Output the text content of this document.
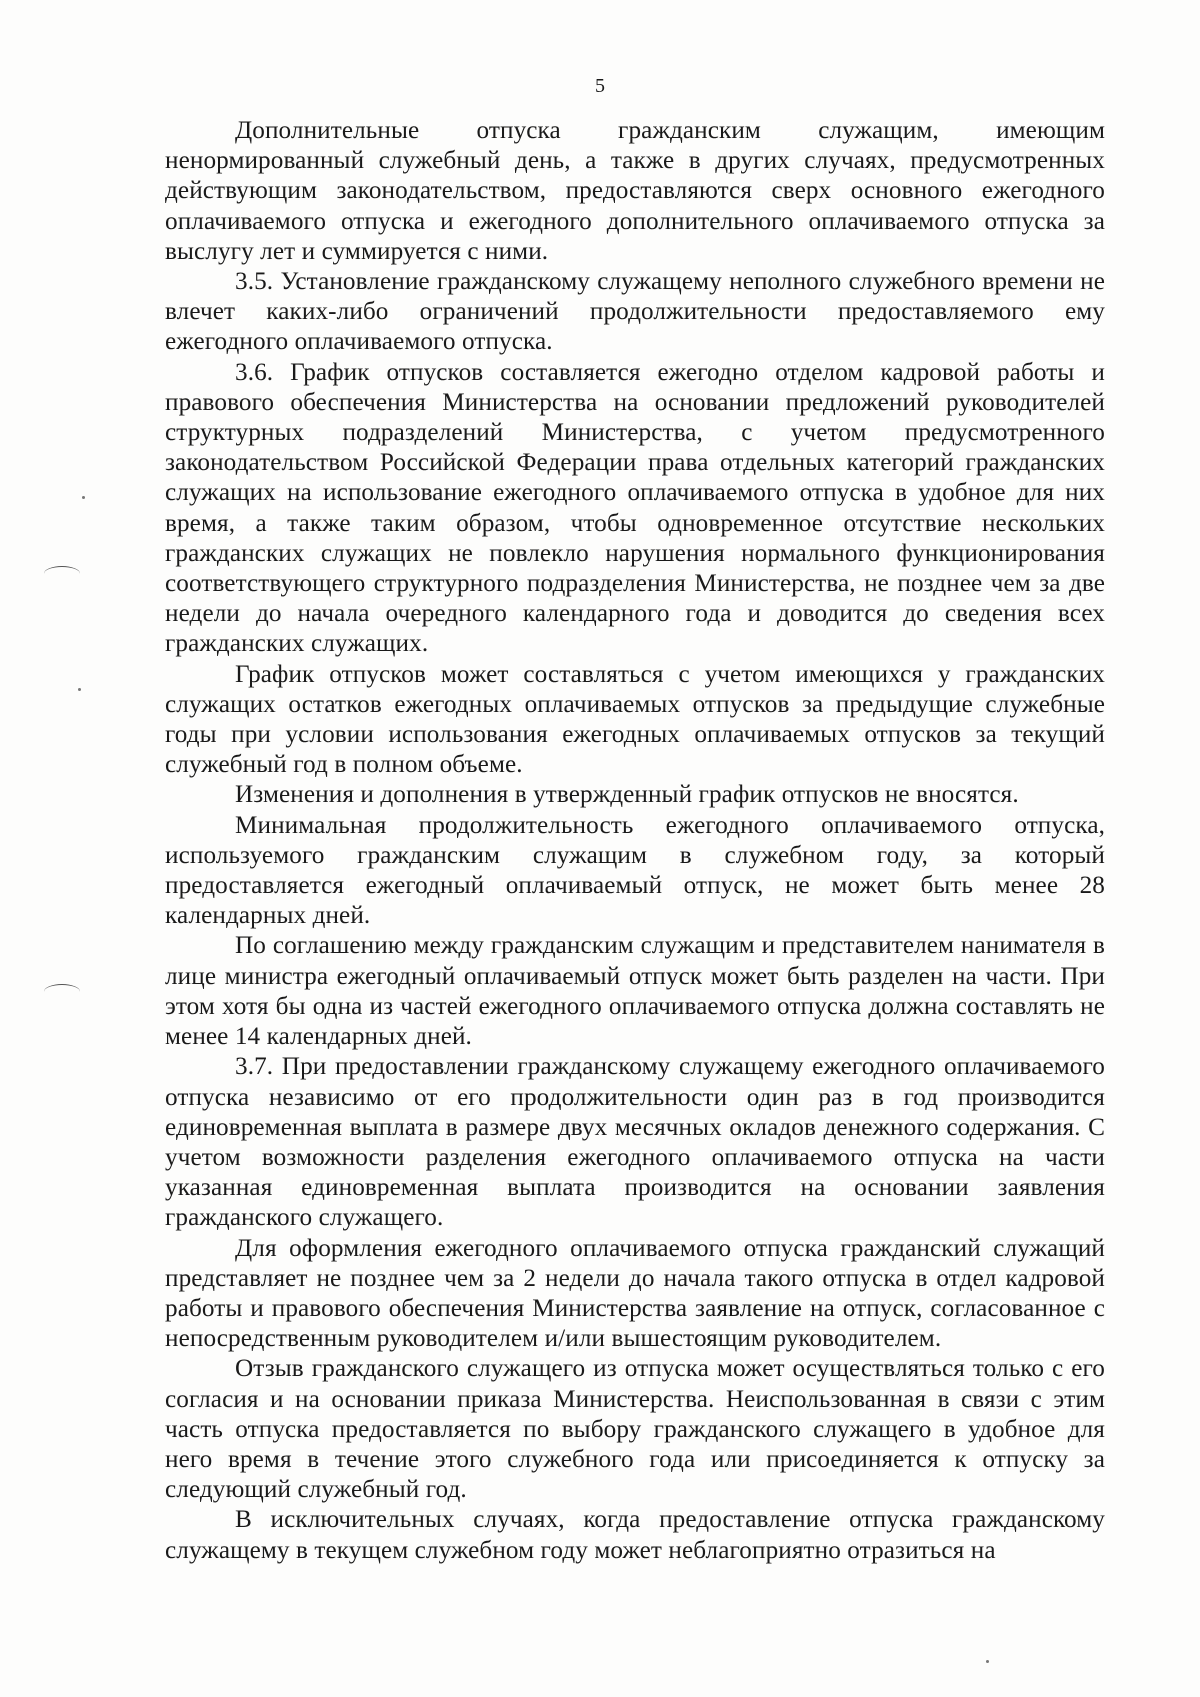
5

Дополнительные отпуска гражданским служащим, имеющим ненормированный служебный день, а также в других случаях, предусмотренных действующим законодательством, предоставляются сверх основного ежегодного оплачиваемого отпуска и ежегодного дополнительного оплачиваемого отпуска за выслугу лет и суммируется с ними.

3.5. Установление гражданскому служащему неполного служебного времени не влечет каких-либо ограничений продолжительности предоставляемого ему ежегодного оплачиваемого отпуска.

3.6. График отпусков составляется ежегодно отделом кадровой работы и правового обеспечения Министерства на основании предложений руководителей структурных подразделений Министерства, с учетом предусмотренного законодательством Российской Федерации права отдельных категорий гражданских служащих на использование ежегодного оплачиваемого отпуска в удобное для них время, а также таким образом, чтобы одновременное отсутствие нескольких гражданских служащих не повлекло нарушения нормального функционирования соответствующего структурного подразделения Министерства, не позднее чем за две недели до начала очередного календарного года и доводится до сведения всех гражданских служащих.

График отпусков может составляться с учетом имеющихся у гражданских служащих остатков ежегодных оплачиваемых отпусков за предыдущие служебные годы при условии использования ежегодных оплачиваемых отпусков за текущий служебный год в полном объеме.

Изменения и дополнения в утвержденный график отпусков не вносятся.

Минимальная продолжительность ежегодного оплачиваемого отпуска, используемого гражданским служащим в служебном году, за который предоставляется ежегодный оплачиваемый отпуск, не может быть менее 28 календарных дней.

По соглашению между гражданским служащим и представителем нанимателя в лице министра ежегодный оплачиваемый отпуск может быть разделен на части. При этом хотя бы одна из частей ежегодного оплачиваемого отпуска должна составлять не менее 14 календарных дней.

3.7. При предоставлении гражданскому служащему ежегодного оплачиваемого отпуска независимо от его продолжительности один раз в год производится единовременная выплата в размере двух месячных окладов денежного содержания. С учетом возможности разделения ежегодного оплачиваемого отпуска на части указанная единовременная выплата производится на основании заявления гражданского служащего.

Для оформления ежегодного оплачиваемого отпуска гражданский служащий представляет не позднее чем за 2 недели до начала такого отпуска в отдел кадровой работы и правового обеспечения Министерства заявление на отпуск, согласованное с непосредственным руководителем и/или вышестоящим руководителем.

Отзыв гражданского служащего из отпуска может осуществляться только с его согласия и на основании приказа Министерства. Неиспользованная в связи с этим часть отпуска предоставляется по выбору гражданского служащего в удобное для него время в течение этого служебного года или присоединяется к отпуску за следующий служебный год.

В исключительных случаях, когда предоставление отпуска гражданскому служащему в текущем служебном году может неблагоприятно отразиться на
